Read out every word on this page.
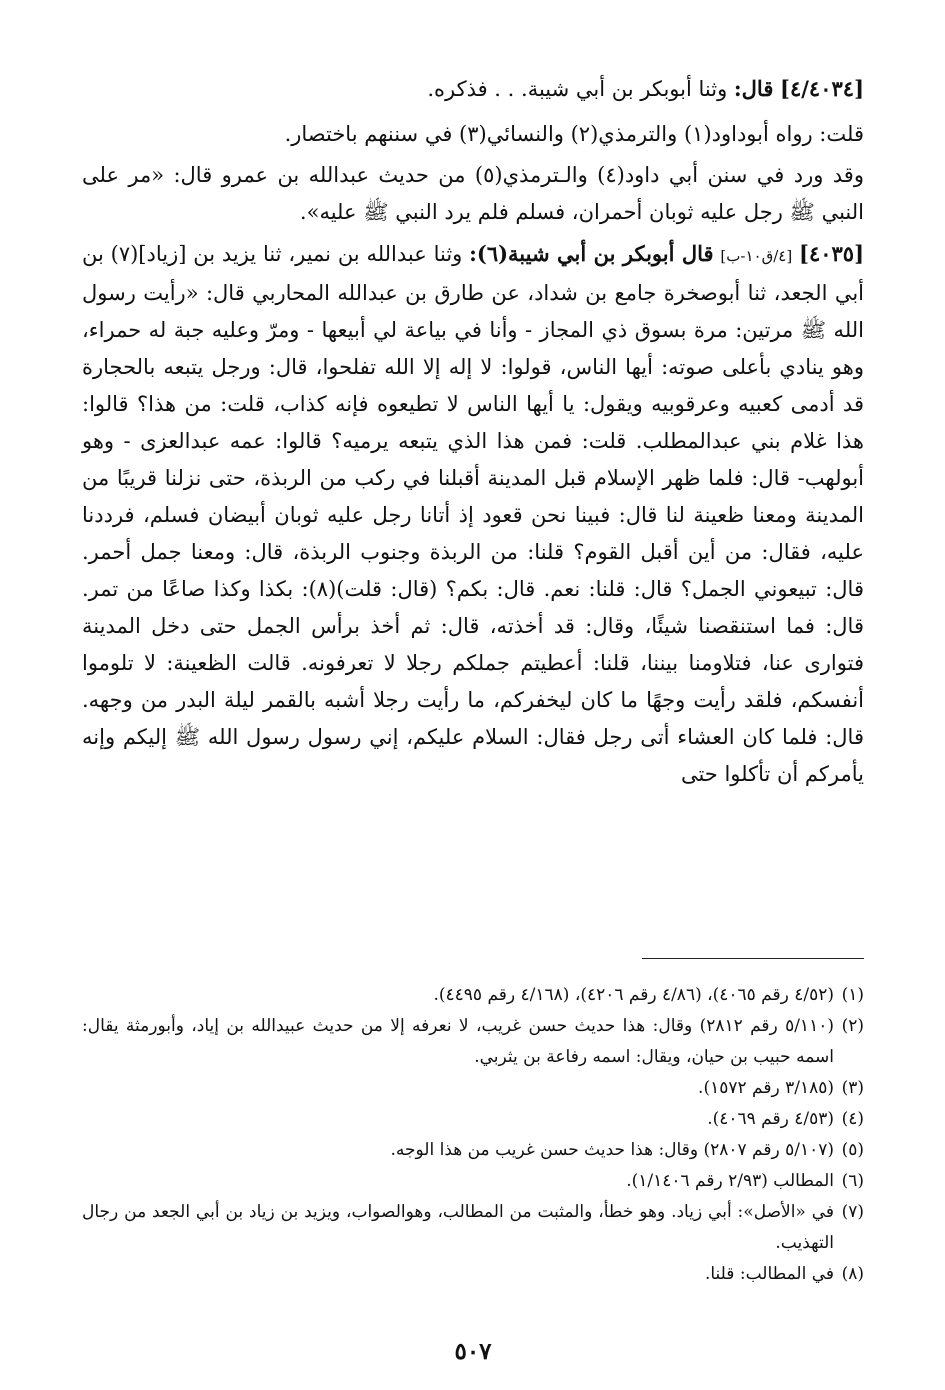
[٤/٤٠٣٤] قال: وثنا أبوبكر بن أبي شيبة. . . فذكره.

قلت: رواه أبوداود(١) والترمذي(٢) والنسائي(٣) في سننهم باختصار.

وقد ورد في سنن أبي داود(٤) والـترمذي(٥) من حديث عبدالله بن عمرو قال: «مر على النبي ﷺ رجل عليه ثوبان أحمران، فسلم فلم يرد النبي ﷺ عليه».

[٤٠٣٥] [٤/ق١٠-ب] قال أبوبكر بن أبي شيبة(٦): وثنا عبدالله بن نمير، ثنا يزيد بن [زياد](٧) بن أبي الجعد، ثنا أبوصخرة جامع بن شداد، عن طارق بن عبدالله المحاربي قال: «رأيت رسول الله ﷺ مرتين: مرة بسوق ذي المجاز - وأنا في بياعة لي أبيعها - ومرّ وعليه جبة له حمراء، وهو ينادي بأعلى صوته: أيها الناس، قولوا: لا إله إلا الله تفلحوا، قال: ورجل يتبعه بالحجارة قد أدمى كعبيه وعرقوبيه ويقول: يا أيها الناس لا تطيعوه فإنه كذاب، قلت: من هذا؟ قالوا: هذا غلام بني عبدالمطلب. قلت: فمن هذا الذي يتبعه يرميه؟ قالوا: عمه عبدالعزى - وهو أبولهب- قال: فلما ظهر الإسلام قبل المدينة أقبلنا في ركب من الربذة، حتى نزلنا قريبًا من المدينة ومعنا ظعينة لنا قال: فبينا نحن قعود إذ أتانا رجل عليه ثوبان أبيضان فسلم، فرددنا عليه، فقال: من أين أقبل القوم؟ قلنا: من الربذة وجنوب الربذة، قال: ومعنا جمل أحمر. قال: تبيعوني الجمل؟ قال: قلنا: نعم. قال: بكم؟ (قال: قلت)(٨): بكذا وكذا صاعًا من تمر. قال: فما استنقصنا شيئًا، وقال: قد أخذته، قال: ثم أخذ برأس الجمل حتى دخل المدينة فتوارى عنا، فتلاومنا بيننا، قلنا: أعطيتم جملكم رجلا لا تعرفونه. قالت الظعينة: لا تلوموا أنفسكم، فلقد رأيت وجهًا ما كان ليخفركم، ما رأيت رجلا أشبه بالقمر ليلة البدر من وجهه. قال: فلما كان العشاء أتى رجل فقال: السلام عليكم، إني رسول رسول الله ﷺ إليكم وإنه يأمركم أن تأكلوا حتى

(١)
(٤/٥٢ رقم ٤٠٦٥)، (٤/٨٦ رقم ٤٢٠٦)، (٤/١٦٨ رقم ٤٤٩٥).
(٢)
(٥/١١٠ رقم ٢٨١٢) وقال: هذا حديث حسن غريب، لا نعرفه إلا من حديث عبيدالله بن إياد، وأبورمثة يقال: اسمه حبيب بن حيان، ويقال: اسمه رفاعة بن يثربي.
(٣)
(٣/١٨٥ رقم ١٥٧٢).
(٤)
(٤/٥٣ رقم ٤٠٦٩).
(٥)
(٥/١٠٧ رقم ٢٨٠٧) وقال: هذا حديث حسن غريب من هذا الوجه.
(٦)
المطالب (٢/٩٣ رقم ١/١٤٠٦).
(٧)
في «الأصل»: أبي زياد. وهو خطأ، والمثبت من المطالب، وهوالصواب، ويزيد بن زياد بن أبي الجعد من رجال التهذيب.
(٨)
في المطالب: قلنا.
٥٠٧
